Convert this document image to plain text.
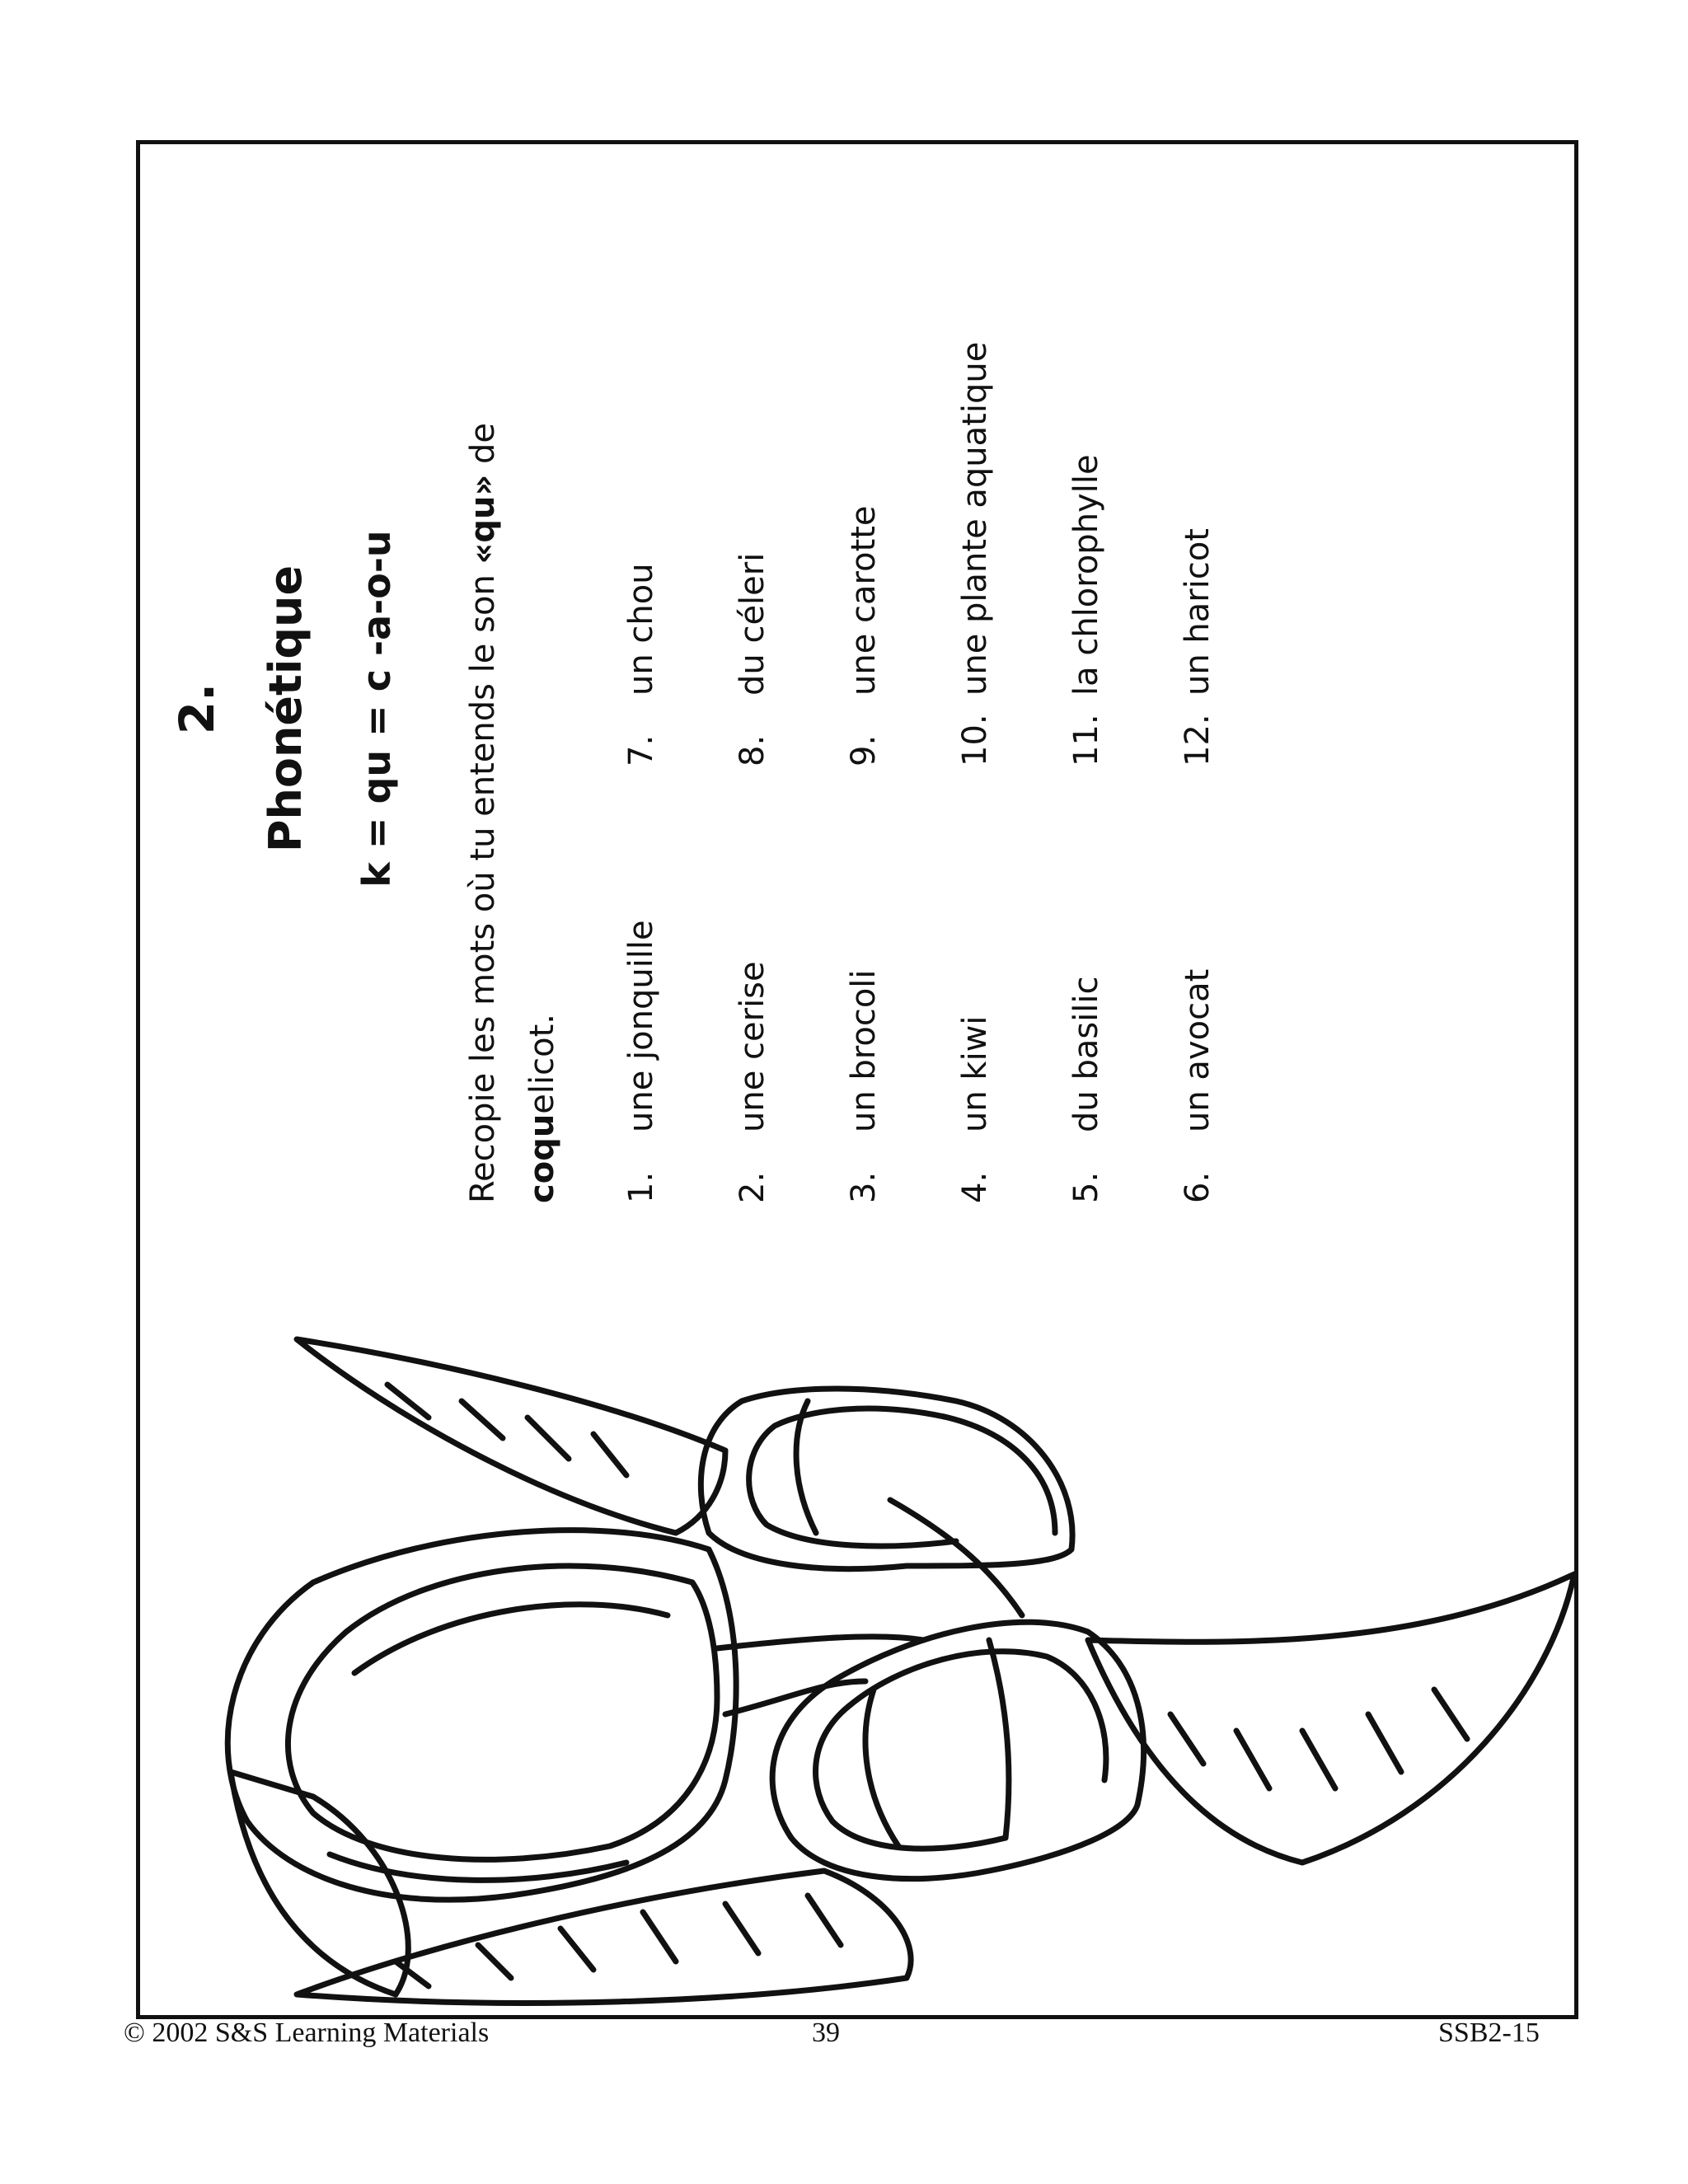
2. Phonétique k = qu = c -a-o-u	Recopie les mots où tu entends le son «qu» de
coquelicot.
1.une jonquille
2.une cerise
3.un brocoli
4.un kiwi
5.du basilic
6.un avocat
7.un chou
8.du céleri
9.une carotte
10.une plante aquatique
11.la chlorophylle
12.un haricot
© 2002 S&S Learning Materials	39	SSB2-15
